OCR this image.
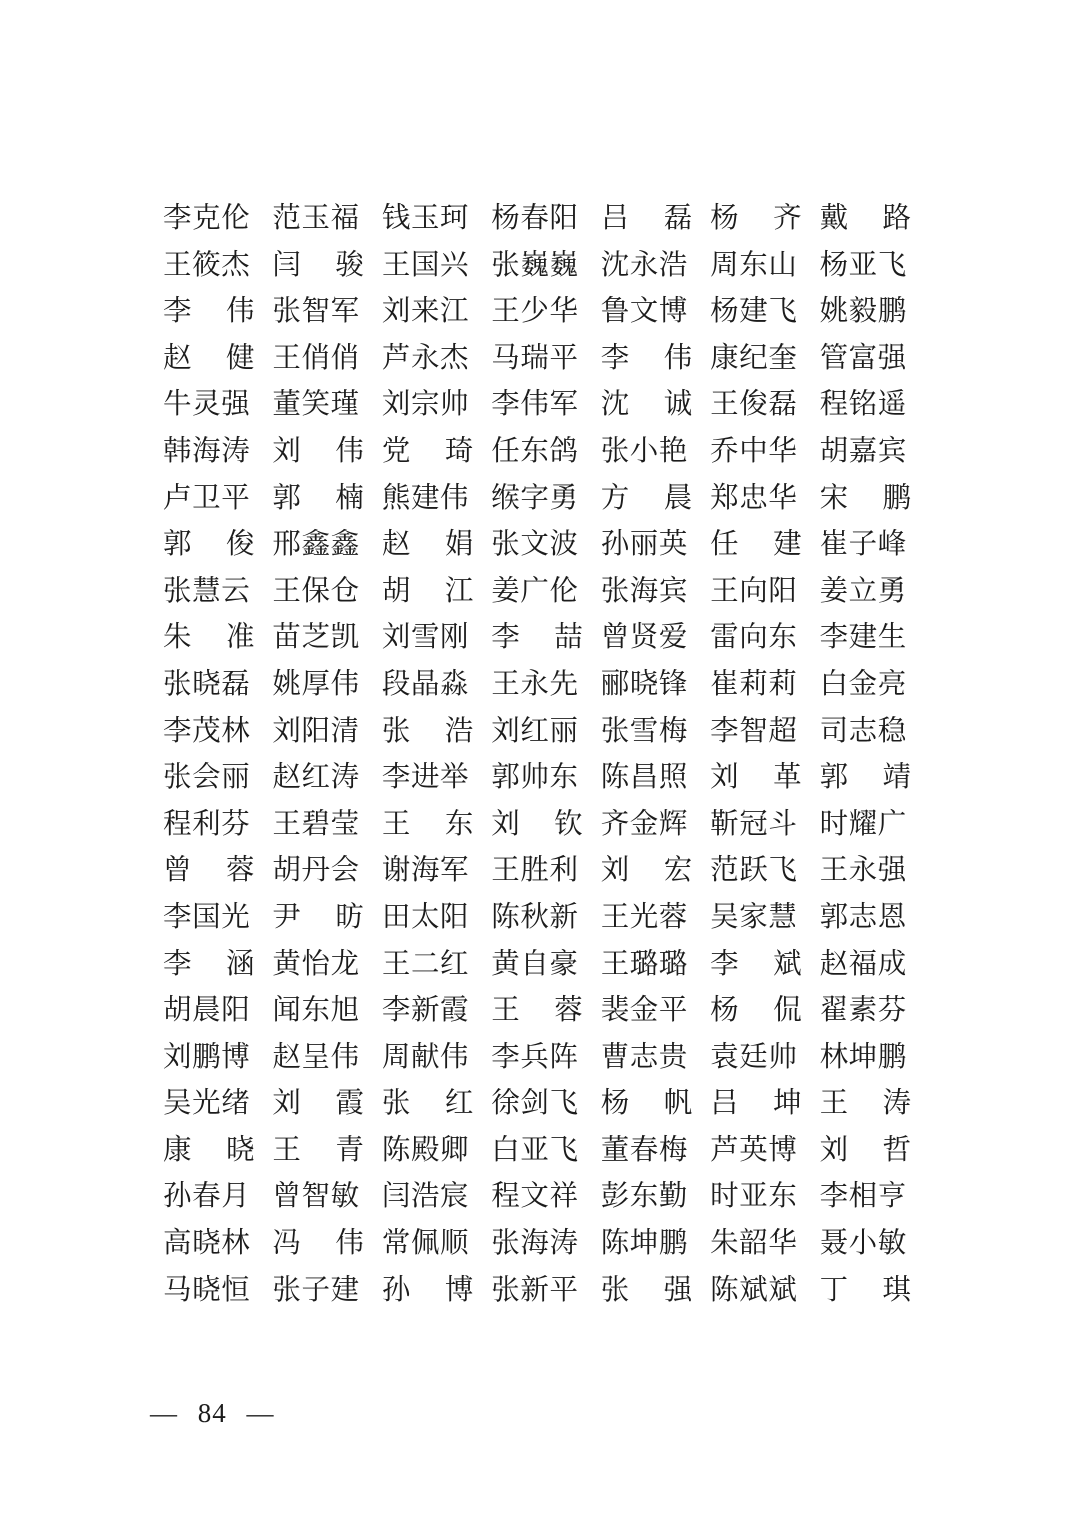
李克伦 范玉福 钱玉珂 杨春阳 吕磊 杨齐 戴路
王筱杰 闫骏 王国兴 张巍巍 沈永浩 周东山 杨亚飞
李伟 张智军 刘来江 王少华 鲁文博 杨建飞 姚毅鹏
赵健 王俏俏 芦永杰 马瑞平 李伟 康纪奎 管富强
牛灵强 董笑瑾 刘宗帅 李伟军 沈诚 王俊磊 程铭遥
韩海涛 刘伟 党琦 任东鸽 张小艳 乔中华 胡嘉宾
卢卫平 郭楠 熊建伟 缑字勇 方晨 郑忠华 宋鹏
郭俊 邢鑫鑫 赵娟 张文波 孙丽英 任建 崔子峰
张慧云 王保仓 胡江 姜广伦 张海宾 王向阳 姜立勇
朱准 苗芝凯 刘雪刚 李喆 曾贤爱 雷向东 李建生
张晓磊 姚厚伟 段晶淼 王永先 郦晓锋 崔莉莉 白金亮
李茂林 刘阳清 张浩 刘红丽 张雪梅 李智超 司志稳
张会丽 赵红涛 李进举 郭帅东 陈昌照 刘革 郭靖
程利芬 王碧莹 王东 刘钦 齐金辉 靳冠斗 时耀广
曾蓉 胡丹会 谢海军 王胜利 刘宏 范跃飞 王永强
李国光 尹昉 田太阳 陈秋新 王光蓉 吴家慧 郭志恩
李涵 黄怡龙 王二红 黄自豪 王璐璐 李斌 赵福成
胡晨阳 闻东旭 李新霞 王蓉 裴金平 杨侃 翟素芬
刘鹏博 赵呈伟 周献伟 李兵阵 曹志贵 袁廷帅 林坤鹏
吴光绪 刘霞 张红 徐剑飞 杨帆 吕坤 王涛
康晓 王青 陈殿卿 白亚飞 董春梅 芦英博 刘哲
孙春月 曾智敏 闫浩宸 程文祥 彭东勤 时亚东 李相亨
高晓林 冯伟 常佩顺 张海涛 陈坤鹏 朱韶华 聂小敏
马晓恒 张子建 孙博 张新平 张强 陈斌斌 丁琪
— 84 —
